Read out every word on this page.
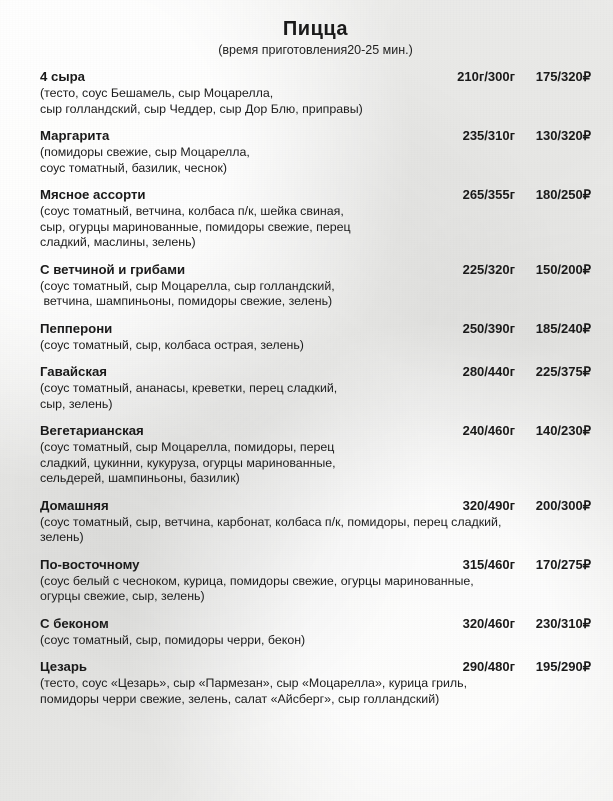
Пицца
(время приготовления20-25 мин.)
4 сыра	210г/300г	175/320₽
(тесто, соус Бешамель, сыр Моцарелла,
сыр голландский, сыр Чеддер, сыр Дор Блю, приправы)
Маргарита	235/310г	130/320₽
(помидоры свежие, сыр Моцарелла,
соус томатный, базилик, чеснок)
Мясное ассорти	265/355г	180/250₽
(соус томатный, ветчина, колбаса п/к, шейка свиная,
сыр, огурцы маринованные, помидоры свежие, перец
сладкий, маслины, зелень)
С ветчиной и грибами	225/320г	150/200₽
(соус томатный, сыр Моцарелла, сыр голландский,
ветчина, шампиньоны, помидоры свежие, зелень)
Пепперони	250/390г	185/240₽
(соус томатный, сыр, колбаса острая, зелень)
Гавайская	280/440г	225/375₽
(соус томатный, ананасы, креветки, перец сладкий,
сыр, зелень)
Вегетарианская	240/460г	140/230₽
(соус томатный, сыр Моцарелла, помидоры, перец
сладкий, цукинни, кукуруза, огурцы маринованные,
сельдерей, шампиньоны, базилик)
Домашняя	320/490г	200/300₽
(соус томатный, сыр, ветчина, карбонат, колбаса п/к, помидоры, перец сладкий,
зелень)
По-восточному	315/460г	170/275₽
(соус белый с чесноком, курица, помидоры свежие, огурцы маринованные,
огурцы свежие, сыр, зелень)
С беконом	320/460г	230/310₽
(соус томатный, сыр, помидоры черри, бекон)
Цезарь	290/480г	195/290₽
(тесто, соус «Цезарь», сыр «Пармезан», сыр «Моцарелла», курица гриль,
помидоры черри свежие, зелень, салат «Айсберг», сыр голландский)
